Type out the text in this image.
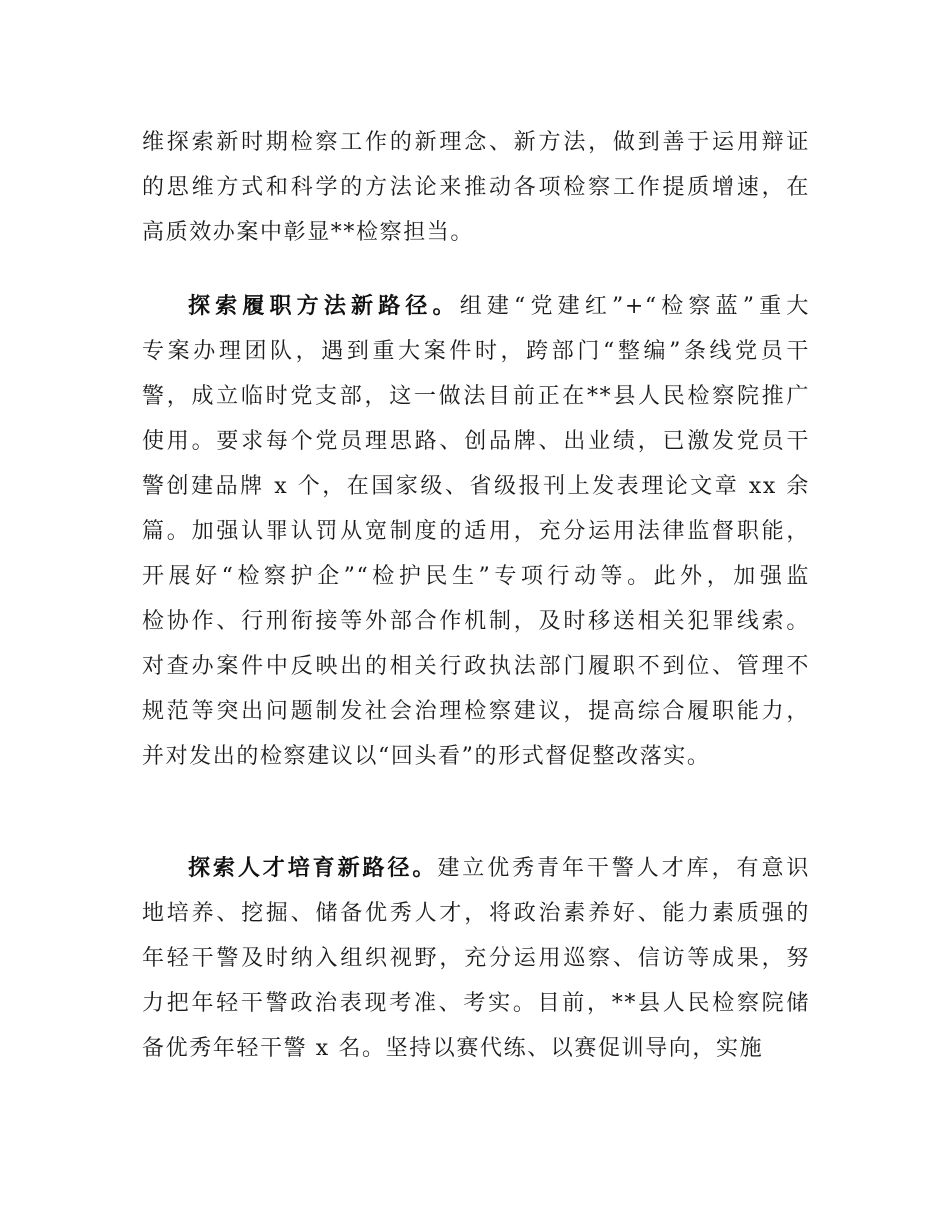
维探索新时期检察工作的新理念、新方法，做到善于运用辩证
的思维方式和科学的方法论来推动各项检察工作提质增速，在
高质效办案中彰显**检察担当。
探索履职方法新路径。组建“党建红”+“检察蓝”重大
专案办理团队，遇到重大案件时，跨部门“整编”条线党员干
警，成立临时党支部，这一做法目前正在**县人民检察院推广
使用。要求每个党员理思路、创品牌、出业绩，已激发党员干
警创建品牌 x 个，在国家级、省级报刊上发表理论文章 xx 余
篇。加强认罪认罚从宽制度的适用，充分运用法律监督职能，
开展好“检察护企”“检护民生”专项行动等。此外，加强监
检协作、行刑衔接等外部合作机制，及时移送相关犯罪线索。
对查办案件中反映出的相关行政执法部门履职不到位、管理不
规范等突出问题制发社会治理检察建议，提高综合履职能力，
并对发出的检察建议以“回头看”的形式督促整改落实。
探索人才培育新路径。建立优秀青年干警人才库，有意识
地培养、挖掘、储备优秀人才，将政治素养好、能力素质强的
年轻干警及时纳入组织视野，充分运用巡察、信访等成果，努
力把年轻干警政治表现考准、考实。目前，**县人民检察院储
备优秀年轻干警 x 名。坚持以赛代练、以赛促训导向，实施
